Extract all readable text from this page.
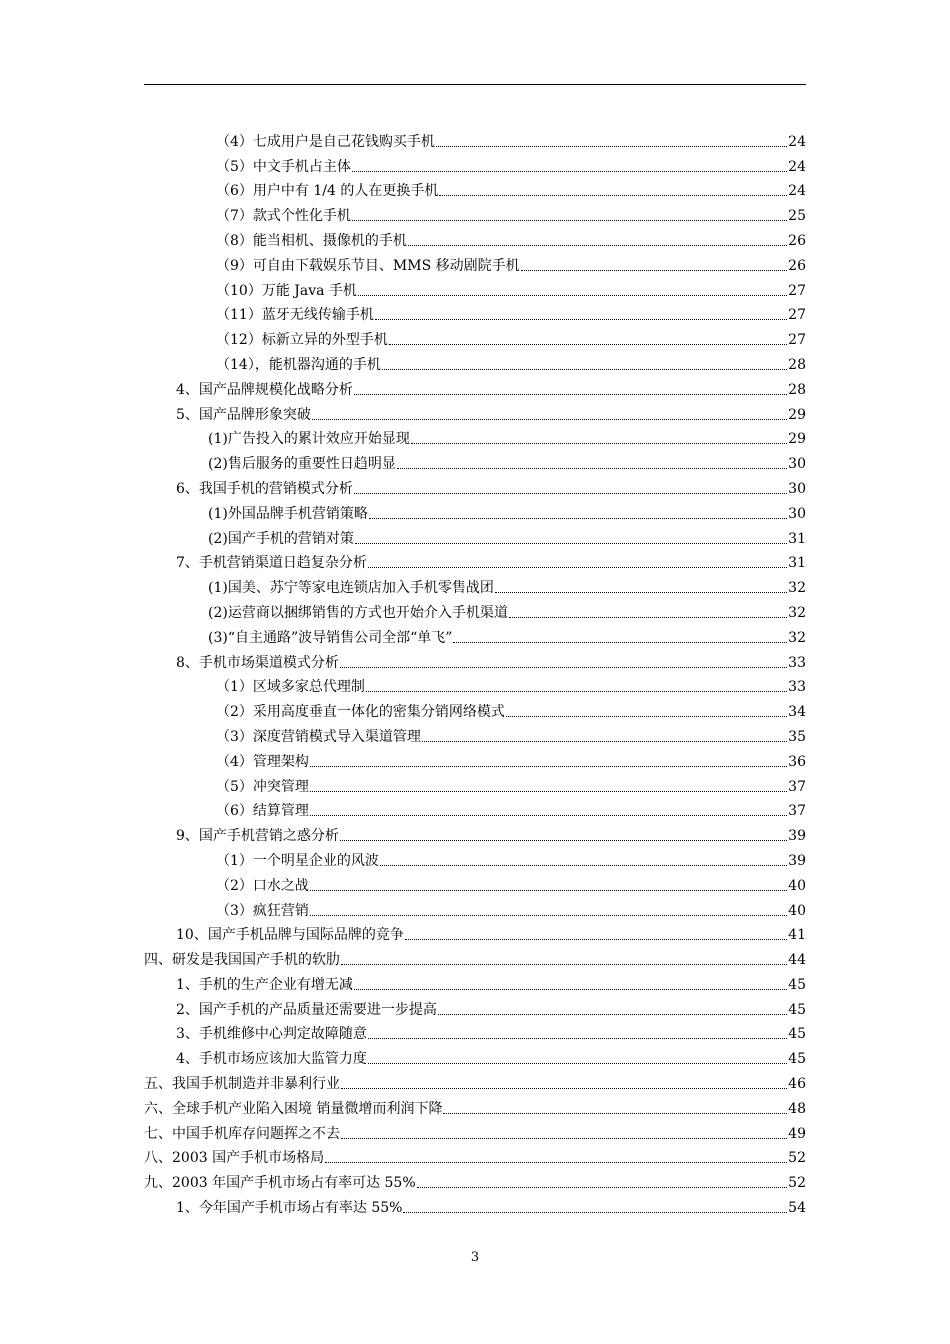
（4）七成用户是自己花钱购买手机	24
（5）中文手机占主体	24
（6）用户中有 1/4 的人在更换手机	24
（7）款式个性化手机	25
（8）能当相机、摄像机的手机	26
（9）可自由下载娱乐节目、MMS 移动剧院手机	26
（10）万能 Java 手机	27
（11）蓝牙无线传输手机	27
（12）标新立异的外型手机	27
（14），能机器沟通的手机	28
4、国产品牌规模化战略分析	28
5、国产品牌形象突破	29
(1)广告投入的累计效应开始显现	29
(2)售后服务的重要性日趋明显	30
6、我国手机的营销模式分析	30
(1)外国品牌手机营销策略	30
(2)国产手机的营销对策	31
7、手机营销渠道日趋复杂分析	31
(1)国美、苏宁等家电连锁店加入手机零售战团	32
(2)运营商以捆绑销售的方式也开始介入手机渠道	32
(3)“自主通路”波导销售公司全部“单飞”	32
8、手机市场渠道模式分析	33
（1）区域多家总代理制	33
（2）采用高度垂直一体化的密集分销网络模式	34
（3）深度营销模式导入渠道管理	35
（4）管理架构	36
（5）冲突管理	37
（6）结算管理	37
9、国产手机营销之惑分析	39
（1）一个明星企业的风波	39
（2）口水之战	40
（3）疯狂营销	40
10、国产手机品牌与国际品牌的竞争	41
四、研发是我国国产手机的软肋	44
1、手机的生产企业有增无减	45
2、国产手机的产品质量还需要进一步提高	45
3、手机维修中心判定故障随意	45
4、手机市场应该加大监管力度	45
五、我国手机制造并非暴利行业	46
六、全球手机产业陷入困境 销量微增而利润下降	48
七、中国手机库存问题挥之不去	49
八、2003 国产手机市场格局	52
九、2003 年国产手机市场占有率可达 55%	52
1、今年国产手机市场占有率达 55%	54
3
